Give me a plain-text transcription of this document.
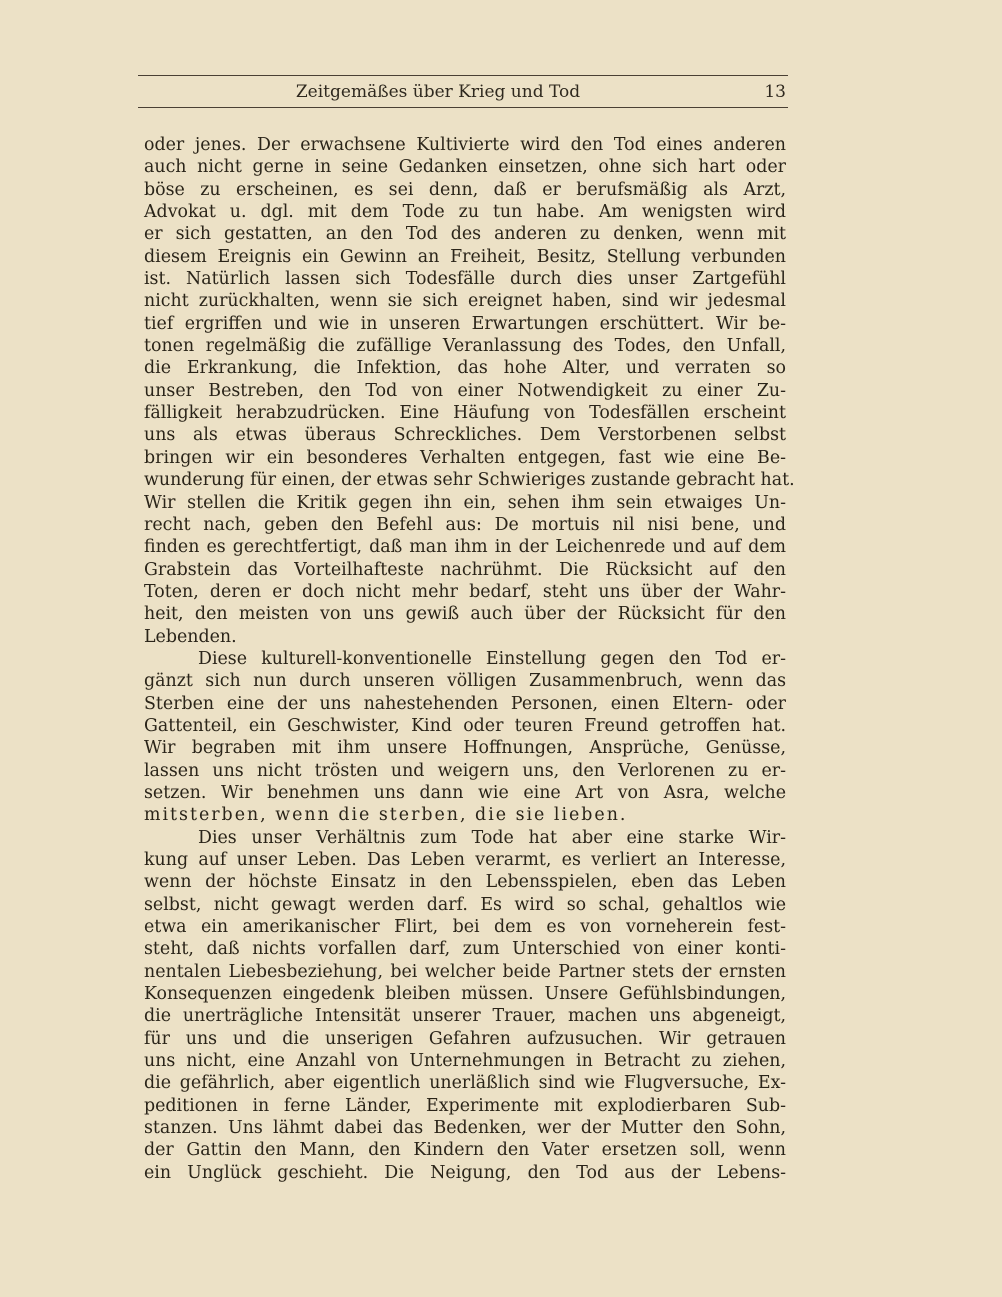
Zeitgemäßes über Krieg und Tod	13
oder jenes. Der erwachsene Kultivierte wird den Tod eines anderen
auch nicht gerne in seine Gedanken einsetzen, ohne sich hart oder
böse zu erscheinen, es sei denn, daß er berufsmäßig als Arzt,
Advokat u. dgl. mit dem Tode zu tun habe. Am wenigsten wird
er sich gestatten, an den Tod des anderen zu denken, wenn mit
diesem Ereignis ein Gewinn an Freiheit, Besitz, Stellung verbunden
ist. Natürlich lassen sich Todesfälle durch dies unser Zartgefühl
nicht zurückhalten, wenn sie sich ereignet haben, sind wir jedesmal
tief ergriffen und wie in unseren Erwartungen erschüttert. Wir be-
tonen regelmäßig die zufällige Veranlassung des Todes, den Unfall,
die Erkrankung, die Infektion, das hohe Alter, und verraten so
unser Bestreben, den Tod von einer Notwendigkeit zu einer Zu-
fälligkeit herabzudrücken. Eine Häufung von Todesfällen erscheint
uns als etwas überaus Schreckliches. Dem Verstorbenen selbst
bringen wir ein besonderes Verhalten entgegen, fast wie eine Be-
wunderung für einen, der etwas sehr Schwieriges zustande gebracht hat.
Wir stellen die Kritik gegen ihn ein, sehen ihm sein etwaiges Un-
recht nach, geben den Befehl aus: De mortuis nil nisi bene, und
finden es gerechtfertigt, daß man ihm in der Leichenrede und auf dem
Grabstein das Vorteilhafteste nachrühmt. Die Rücksicht auf den
Toten, deren er doch nicht mehr bedarf, steht uns über der Wahr-
heit, den meisten von uns gewiß auch über der Rücksicht für den
Lebenden.
Diese kulturell-konventionelle Einstellung gegen den Tod er-
gänzt sich nun durch unseren völligen Zusammenbruch, wenn das
Sterben eine der uns nahestehenden Personen, einen Eltern- oder
Gattenteil, ein Geschwister, Kind oder teuren Freund getroffen hat.
Wir begraben mit ihm unsere Hoffnungen, Ansprüche, Genüsse,
lassen uns nicht trösten und weigern uns, den Verlorenen zu er-
setzen. Wir benehmen uns dann wie eine Art von Asra, welche
mitsterben, wenn die sterben, die sie lieben.
Dies unser Verhältnis zum Tode hat aber eine starke Wir-
kung auf unser Leben. Das Leben verarmt, es verliert an Interesse,
wenn der höchste Einsatz in den Lebensspielen, eben das Leben
selbst, nicht gewagt werden darf. Es wird so schal, gehaltlos wie
etwa ein amerikanischer Flirt, bei dem es von vorneherein fest-
steht, daß nichts vorfallen darf, zum Unterschied von einer konti-
nentalen Liebesbeziehung, bei welcher beide Partner stets der ernsten
Konsequenzen eingedenk bleiben müssen. Unsere Gefühlsbindungen,
die unerträgliche Intensität unserer Trauer, machen uns abgeneigt,
für uns und die unserigen Gefahren aufzusuchen. Wir getrauen
uns nicht, eine Anzahl von Unternehmungen in Betracht zu ziehen,
die gefährlich, aber eigentlich unerläßlich sind wie Flugversuche, Ex-
peditionen in ferne Länder, Experimente mit explodierbaren Sub-
stanzen. Uns lähmt dabei das Bedenken, wer der Mutter den Sohn,
der Gattin den Mann, den Kindern den Vater ersetzen soll, wenn
ein Unglück geschieht. Die Neigung, den Tod aus der Lebens-
